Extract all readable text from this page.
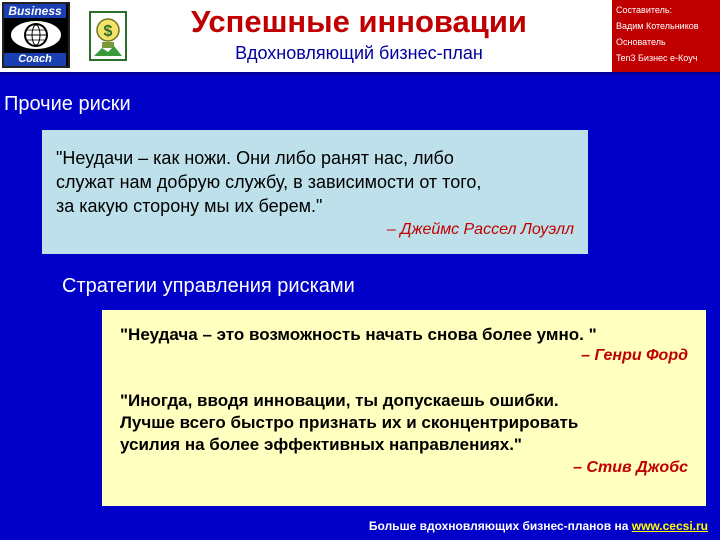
Business
Coach
$	Успешные инновации
Вдохновляющий бизнес-план
Составитель:
Вадим Котельников
Основатель
Ten3 Бизнес е-Коуч
Прочие риски
"Неудачи – как ножи. Они либо ранят нас, либо
служат нам добрую службу, в зависимости от того,
за какую сторону мы их берем."
– Джеймс Рассел Лоуэлл
Стратегии управления рисками
"Неудача – это возможность начать снова более умно. "
– Генри Форд
"Иногда, вводя инновации, ты допускаешь ошибки.
Лучше всего быстро признать их и сконцентрировать
усилия на более эффективных направлениях."
– Стив Джобс
Больше вдохновляющих бизнес-планов на www.cecsi.ru
